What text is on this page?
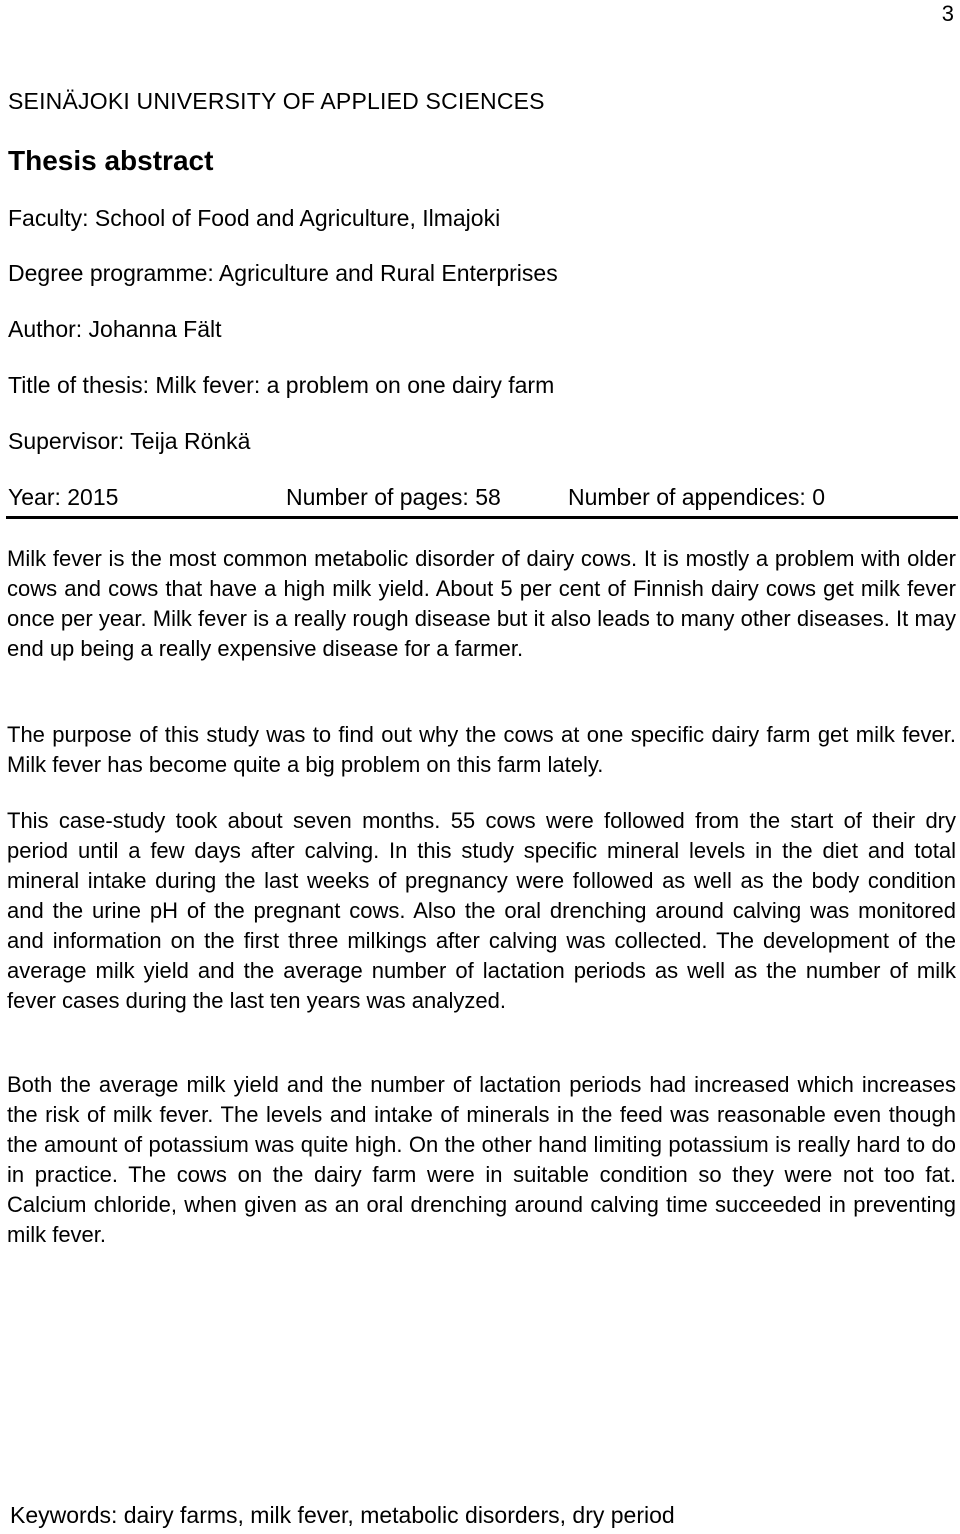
3
SEINÄJOKI UNIVERSITY OF APPLIED SCIENCES
Thesis abstract
Faculty: School of Food and Agriculture, Ilmajoki
Degree programme: Agriculture and Rural Enterprises
Author: Johanna Fält
Title of thesis: Milk fever: a problem on one dairy farm
Supervisor: Teija Rönkä
Year: 2015	Number of pages: 58	Number of appendices: 0

Milk fever is the most common metabolic disorder of dairy cows. It is mostly a problem with older cows and cows that have a high milk yield. About 5 per cent of Finnish dairy cows get milk fever once per year. Milk fever is a really rough disease but it also leads to many other diseases. It may end up being a really expensive disease for a farmer.

The purpose of this study was to find out why the cows at one specific dairy farm get milk fever. Milk fever has become quite a big problem on this farm lately.

This case-study took about seven months. 55 cows were followed from the start of their dry period until a few days after calving. In this study specific mineral levels in the diet and total mineral intake during the last weeks of pregnancy were followed as well as the body condition and the urine pH of the pregnant cows. Also the oral drenching around calving was monitored and information on the first three milkings after calving was collected. The development of the average milk yield and the average number of lactation periods as well as the number of milk fever cases during the last ten years was analyzed.

Both the average milk yield and the number of lactation periods had increased which increases the risk of milk fever. The levels and intake of minerals in the feed was reasonable even though the amount of potassium was quite high. On the other hand limiting potassium is really hard to do in practice. The cows on the dairy farm were in suitable condition so they were not too fat. Calcium chloride, when given as an oral drenching around calving time succeeded in preventing milk fever.

Keywords: dairy farms, milk fever, metabolic disorders, dry period
